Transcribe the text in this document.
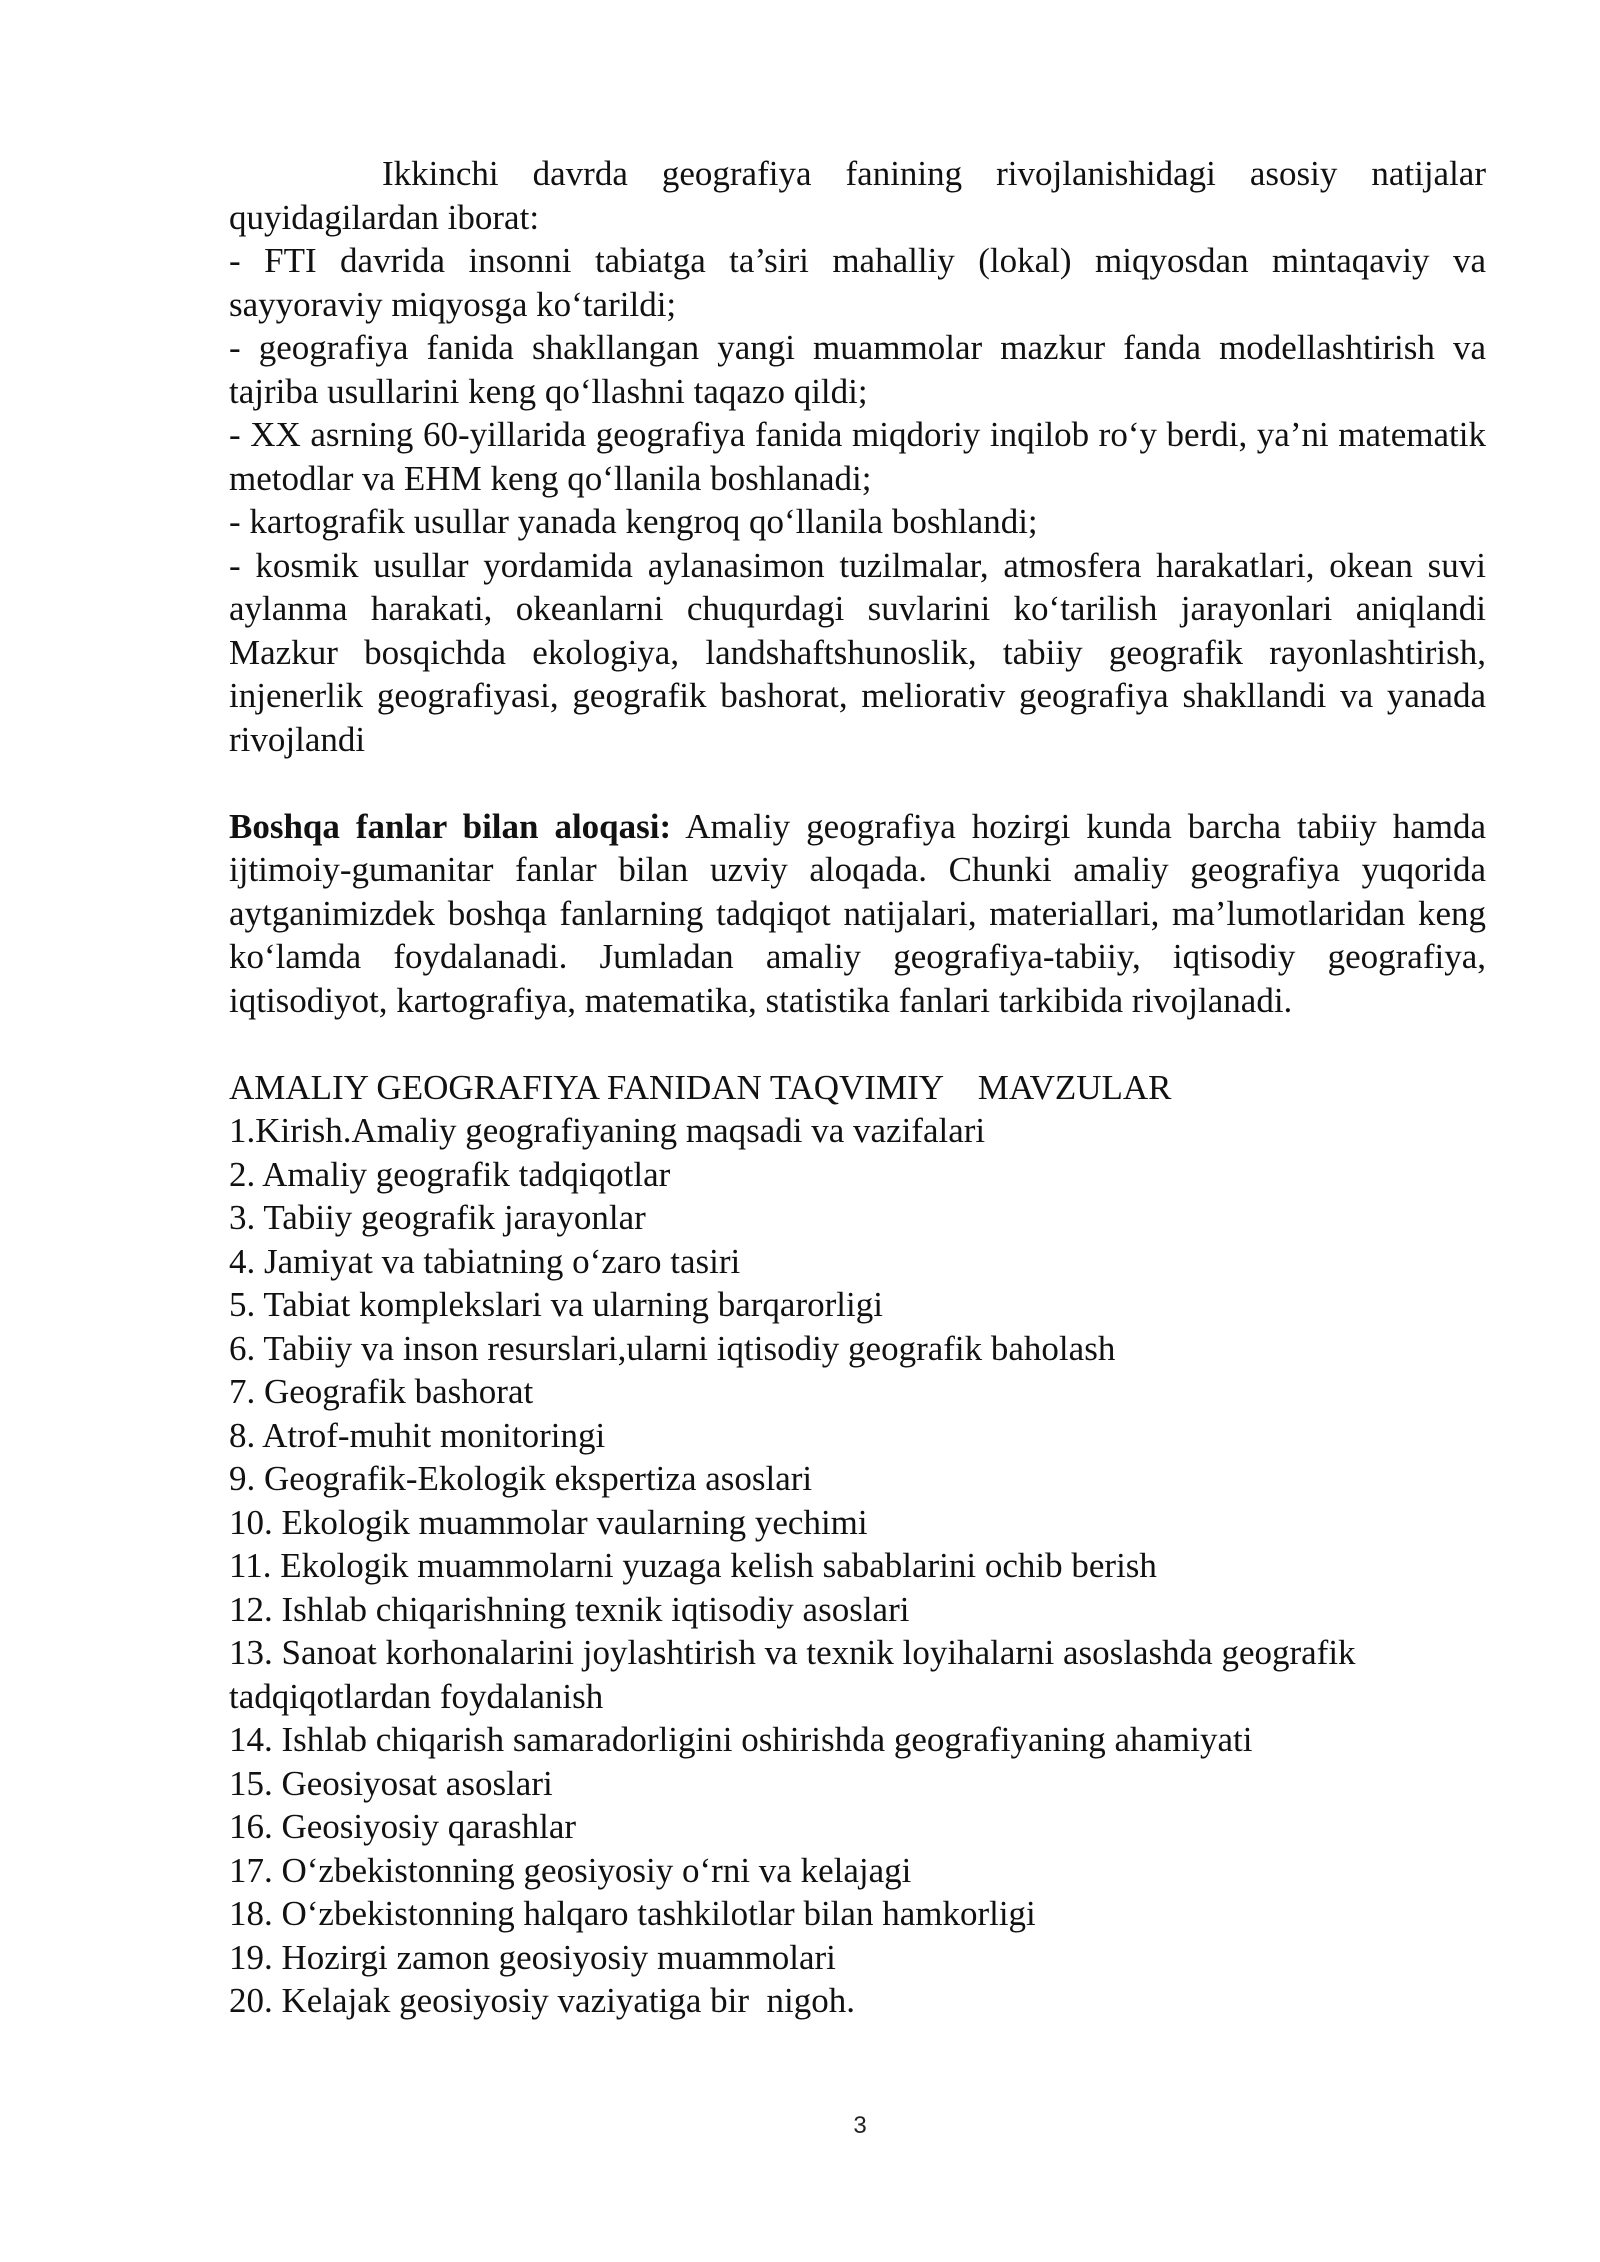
Ikkinchi davrda geografiya fanining rivojlanishidagi asosiy natijalar quyidagilardan iborat:

- FTI davrida insonni tabiatga ta’siri mahalliy (lokal) miqyosdan mintaqaviy va sayyoraviy miqyosga ko‘tarildi;

- geografiya fanida shakllangan yangi muammolar mazkur fanda modellashtirish va tajriba usullarini keng qo‘llashni taqazo qildi;

- XX asrning 60-yillarida geografiya fanida miqdoriy inqilob ro‘y berdi, ya’ni matematik metodlar va EHM keng qo‘llanila boshlanadi;

- kartografik usullar yanada kengroq qo‘llanila boshlandi;

- kosmik usullar yordamida aylanasimon tuzilmalar, atmosfera harakatlari, okean suvi aylanma harakati, okeanlarni chuqurdagi suvlarini ko‘tarilish jarayonlari aniqlandi Mazkur bosqichda ekologiya, landshaftshunoslik, tabiiy geografik rayonlashtirish, injenerlik geografiyasi, geografik bashorat, meliorativ geografiya shakllandi va yanada rivojlandi

Boshqa fanlar bilan aloqasi: Amaliy geografiya hozirgi kunda barcha tabiiy hamda ijtimoiy-gumanitar fanlar bilan uzviy aloqada. Chunki amaliy geografiya yuqorida aytganimizdek boshqa fanlarning tadqiqot natijalari, materiallari, ma’lumotlaridan keng ko‘lamda foydalanadi. Jumladan amaliy geografiya-tabiiy, iqtisodiy geografiya, iqtisodiyot, kartografiya, matematika, statistika fanlari tarkibida rivojlanadi.

AMALIY GEOGRAFIYA FANIDAN TAQVIMIY    MAVZULAR

1.Kirish.Amaliy geografiyaning maqsadi va vazifalari
2. Amaliy geografik tadqiqotlar
3. Tabiiy geografik jarayonlar
4. Jamiyat va tabiatning o‘zaro tasiri
5. Tabiat komplekslari va ularning barqarorligi
6. Tabiiy va inson resurslari,ularni iqtisodiy geografik baholash
7. Geografik bashorat
8. Atrof-muhit monitoringi
9. Geografik-Ekologik ekspertiza asoslari
10. Ekologik muammolar vaularning yechimi
11. Ekologik muammolarni yuzaga kelish sabablarini ochib berish
12. Ishlab chiqarishning texnik iqtisodiy asoslari
13. Sanoat korhonalarini joylashtirish va texnik loyihalarni asoslashda geografik tadqiqotlardan foydalanish
14. Ishlab chiqarish samaradorligini oshirishda geografiyaning ahamiyati
15. Geosiyosat asoslari
16. Geosiyosiy qarashlar
17. O‘zbekistonning geosiyosiy o‘rni va kelajagi
18. O‘zbekistonning halqaro tashkilotlar bilan hamkorligi
19. Hozirgi zamon geosiyosiy muammolari
20. Kelajak geosiyosiy vaziyatiga bir  nigoh.
3
